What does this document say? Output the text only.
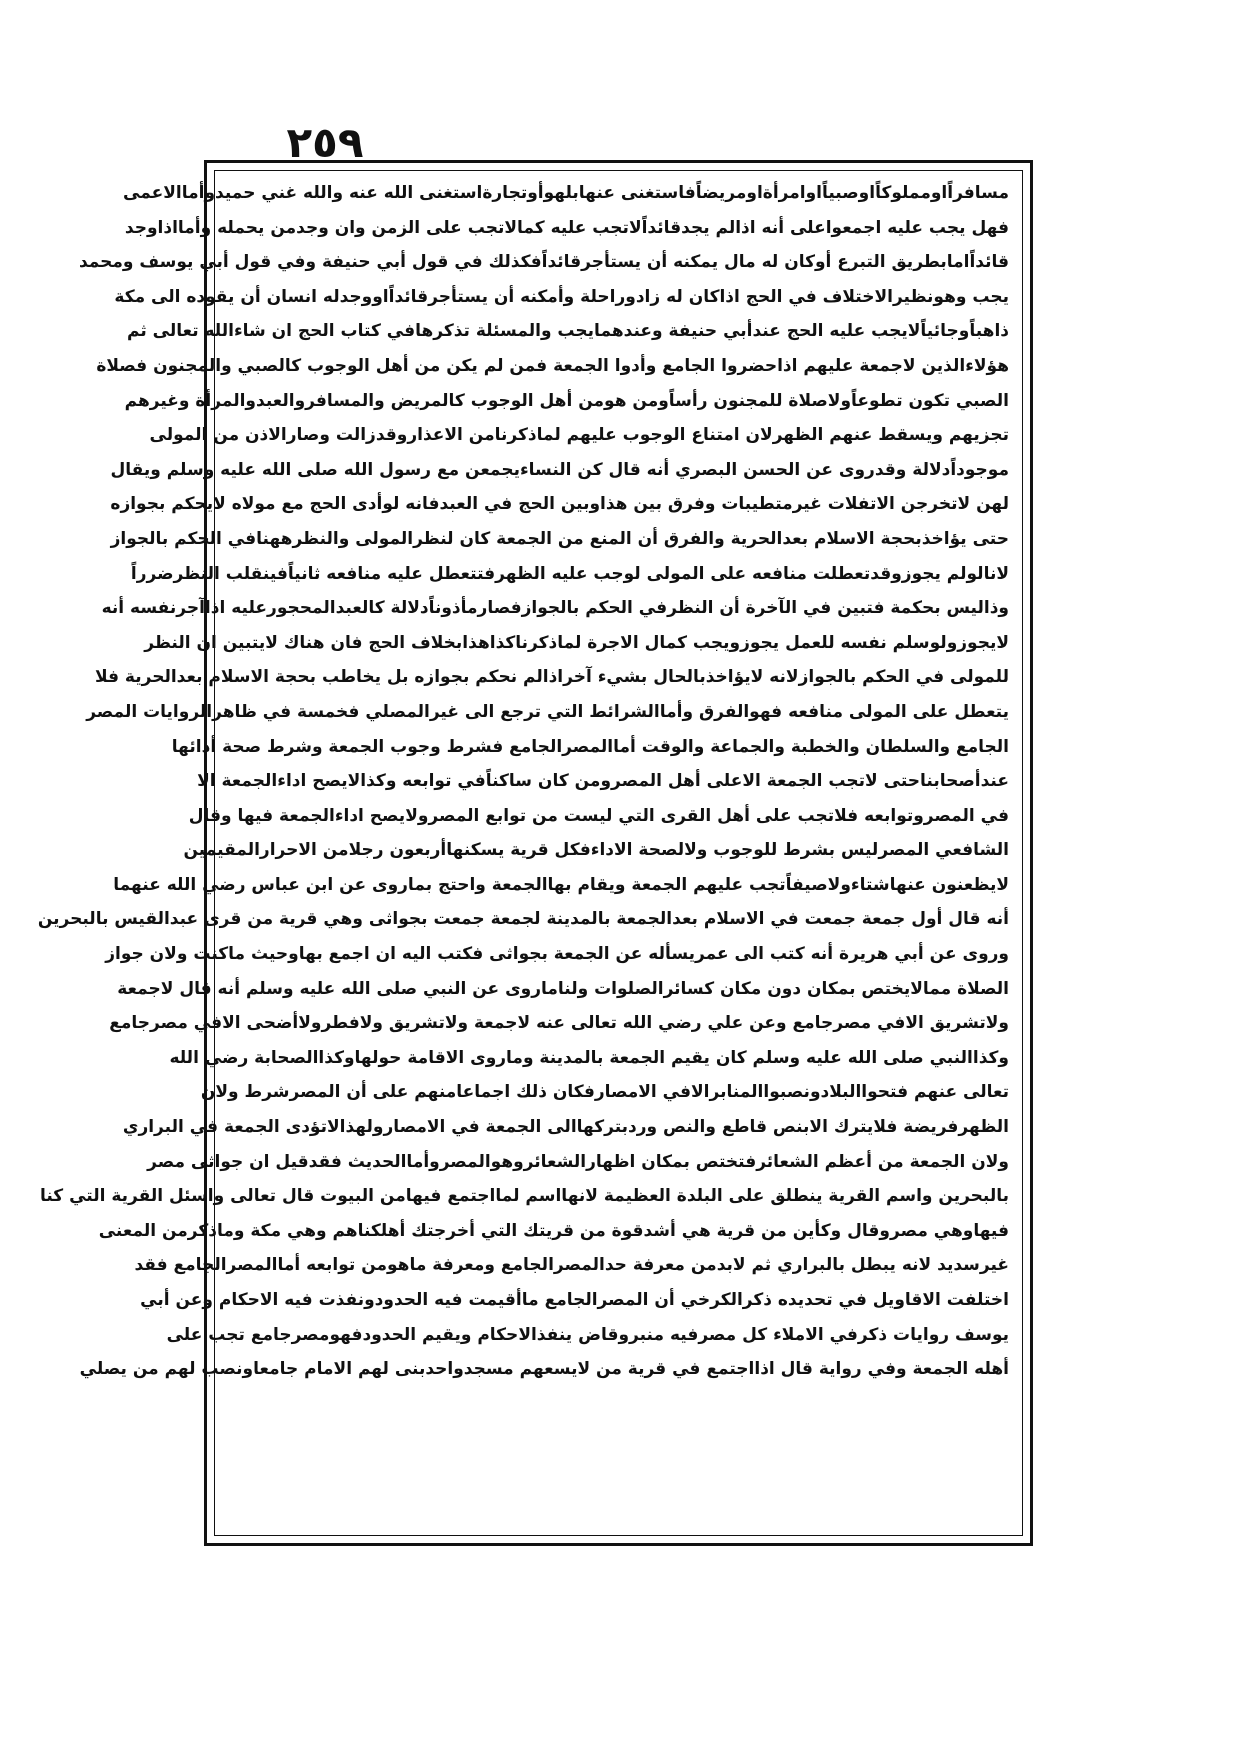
٢٥٩
مسافراًاومملوكاًاوصبياًاوامرأةاومريضاًفاستغنى عنهابلهوأوتجارةاستغنى الله عنه والله غني حميدوأماالاعمى
فهل يجب عليه اجمعواعلى أنه اذالم يجدقائداًلاتجب عليه كمالاتجب على الزمن وان وجدمن يحمله وأمااذاوجد
قائداًامابطريق التبرع أوكان له مال يمكنه أن يستأجرقائداًفكذلك في قول أبي حنيفة وفي قول أبي يوسف ومحمد
يجب وهونظيرالاختلاف في الحج اذاكان له زادوراحلة وأمكنه أن يستأجرقائداًاووجدله انسان أن يقوده الى مكة
ذاهباًوجائياًلايجب عليه الحج عندأبي حنيفة وعندهمايجب والمسئلة تذكرهافي كتاب الحج ان شاءالله تعالى ثم
هؤلاءالذين لاجمعة عليهم اذاحضروا الجامع وأدوا الجمعة فمن لم يكن من أهل الوجوب كالصبي والمجنون فصلاة
الصبي تكون تطوعاًولاصلاة للمجنون رأساًومن هومن أهل الوجوب كالمريض والمسافروالعبدوالمرأة وغيرهم
تجزيهم ويسقط عنهم الظهرلان امتناع الوجوب عليهم لماذكرنامن الاعذاروقدزالت وصارالاذن من المولى
موجوداًدلالة وقدروى عن الحسن البصري أنه قال كن النساءيجمعن مع رسول الله صلى الله عليه وسلم ويقال
لهن لاتخرجن الاتفلات غيرمتطيبات وفرق بين هذاوبين الحج في العبدفانه لوأدى الحج مع مولاه لايحكم بجوازه
حتى يؤاخذبحجة الاسلام بعدالحرية والفرق أن المنع من الجمعة كان لنظرالمولى والنظرههنافي الحكم بالجواز
لانالولم يجوزوقدتعطلت منافعه على المولى لوجب عليه الظهرفتتعطل عليه منافعه ثانياًفينقلب النظرضرراً
وذاليس بحكمة فتبين في الآخرة أن النظرفي الحكم بالجوازفصارمأذوناًدلالة كالعبدالمحجورعليه اذاآجرنفسه أنه
لايجوزولوسلم نفسه للعمل يجوزويجب كمال الاجرة لماذكرناكذاهذابخلاف الحج فان هناك لايتبين ان النظر
للمولى في الحكم بالجوازلانه لايؤاخذبالحال بشيء آخراذالم نحكم بجوازه بل يخاطب بحجة الاسلام بعدالحرية فلا
يتعطل على المولى منافعه فهوالفرق وأماالشرائط التي ترجع الى غيرالمصلي فخمسة في ظاهرالروايات المصر
الجامع والسلطان والخطبة والجماعة والوقت أماالمصرالجامع فشرط وجوب الجمعة وشرط صحة أدائها
عندأصحابناحتى لاتجب الجمعة الاعلى أهل المصرومن كان ساكناًفي توابعه وكذالايصح اداءالجمعة الا
في المصروتوابعه فلاتجب على أهل القرى التي ليست من توابع المصرولايصح اداءالجمعة فيها وقال
الشافعي المصرليس بشرط للوجوب ولالصحة الاداءفكل قرية يسكنهاأربعون رجلامن الاحرارالمقيمين
لايظعنون عنهاشتاءولاصيفاًتجب عليهم الجمعة ويقام بهاالجمعة واحتج بماروى عن ابن عباس رضي الله عنهما
أنه قال أول جمعة جمعت في الاسلام بعدالجمعة بالمدينة لجمعة جمعت بجواثى وهي قرية من قرى عبدالقيس بالبحرين
وروى عن أبي هريرة أنه كتب الى عمريسأله عن الجمعة بجواثى فكتب اليه ان اجمع بهاوحيث ماكنت ولان جواز
الصلاة ممالايختص بمكان دون مكان كسائرالصلوات ولناماروى عن النبي صلى الله عليه وسلم أنه قال لاجمعة
ولاتشريق الافي مصرجامع وعن علي رضي الله تعالى عنه لاجمعة ولاتشريق ولافطرولاأضحى الافي مصرجامع
وكذاالنبي صلى الله عليه وسلم كان يقيم الجمعة بالمدينة وماروى الاقامة حولهاوكذاالصحابة رضي الله
تعالى عنهم فتحواالبلادونصبواالمنابرالافي الامصارفكان ذلك اجماعامنهم على أن المصرشرط ولان
الظهرفريضة فلايترك الابنص قاطع والنص وردبتركهاالى الجمعة في الامصارولهذالاتؤدى الجمعة في البراري
ولان الجمعة من أعظم الشعائرفتختص بمكان اظهارالشعائروهوالمصروأماالحديث فقدقيل ان جواثى مصر
بالبحرين واسم القرية ينطلق على البلدة العظيمة لانهااسم لمااجتمع فيهامن البيوت قال تعالى واسئل القرية التي كنا
فيهاوهي مصروقال وكأين من قرية هي أشدقوة من قريتك التي أخرجتك أهلكناهم وهي مكة وماذكرمن المعنى
غيرسديد لانه يبطل بالبراري ثم لابدمن معرفة حدالمصرالجامع ومعرفة ماهومن توابعه أماالمصرالجامع فقد
اختلفت الاقاويل في تحديده ذكرالكرخي أن المصرالجامع ماأقيمت فيه الحدودونفذت فيه الاحكام وعن أبي
يوسف روايات ذكرفي الاملاء كل مصرفيه منبروقاض ينفذالاحكام ويقيم الحدودفهومصرجامع تجب على
أهله الجمعة وفي رواية قال اذااجتمع في قرية من لايسعهم مسجدواحدبنى لهم الامام جامعاونصب لهم من يصلي
